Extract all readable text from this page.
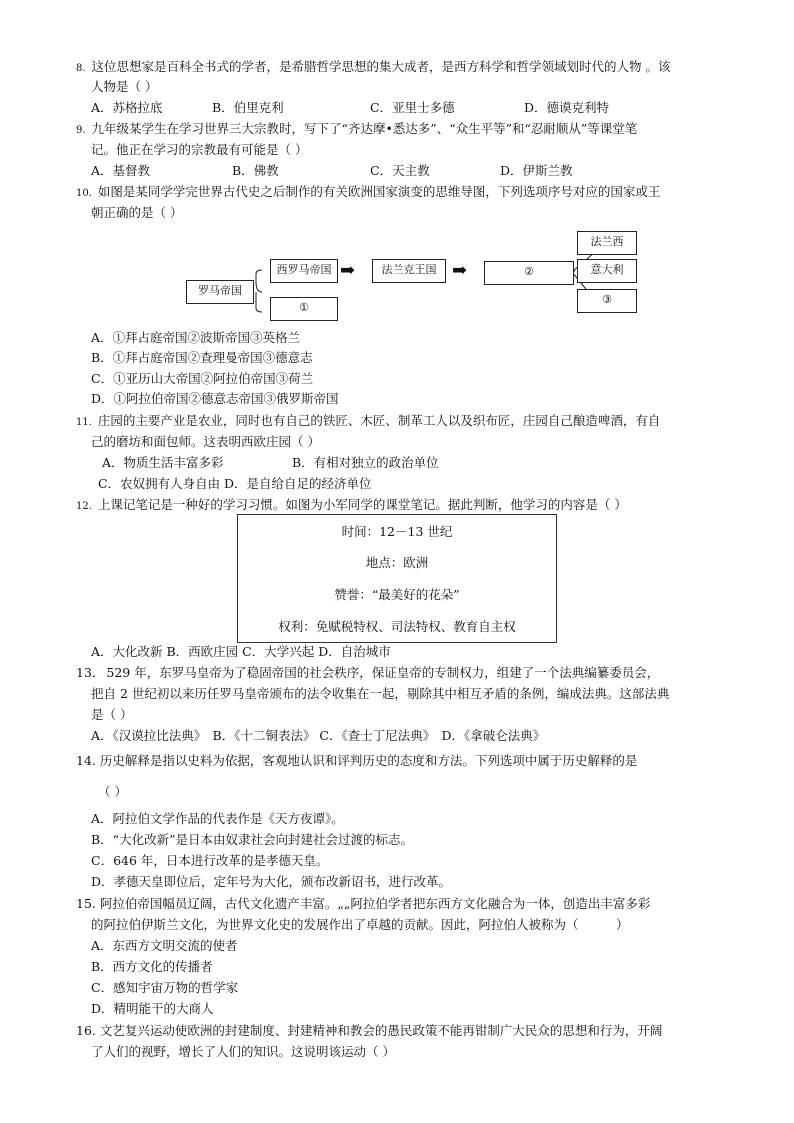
8. 这位思想家是百科全书式的学者，是希腊哲学思想的集大成者，是西方科学和哲学领域划时代的人物 。该
人物是（ ）
A．苏格拉底	B．伯里克利	C．亚里士多德	D．德谟克利特
9. 九年级某学生在学习世界三大宗教时，写下了“齐达摩•悉达多”、“众生平等”和“忍耐顺从”等课堂笔
记。他正在学习的宗教最有可能是（ ）
A．基督教	B．佛教	C．天主教	D．伊斯兰教
10. 如图是某同学学完世界古代史之后制作的有关欧洲国家演变的思维导图，下列选项序号对应的国家或王
朝正确的是（ ）
罗马帝国
西罗马帝国
①
➡	法兰克王国 ➡	②
法兰西
意大利
③
A．①拜占庭帝国②波斯帝国③英格兰
B．①拜占庭帝国②查理曼帝国③德意志
C．①亚历山大帝国②阿拉伯帝国③荷兰
D．①阿拉伯帝国②德意志帝国③俄罗斯帝国
11. 庄园的主要产业是农业，同时也有自己的铁匠、木匠、制革工人以及织布匠，庄园自己酿造啤酒，有自
己的磨坊和面包师。这表明西欧庄园（ ）
A．物质生活丰富多彩	B．有相对独立的政治单位
C．农奴拥有人身自由 D．是自给自足的经济单位
12. 上课记笔记是一种好的学习习惯。如图为小军同学的课堂笔记。据此判断，他学习的内容是（ ）
时间：12－13 世纪
地点：欧洲
赞誉：“最美好的花朵”
权利：免赋税特权、司法特权、教育自主权
A．大化改新 B．西欧庄园 C．大学兴起 D．自治城市
13． 529 年，东罗马皇帝为了稳固帝国的社会秩序，保证皇帝的专制权力，组建了一个法典编纂委员会，
把自 2 世纪初以来历任罗马皇帝颁布的法令收集在一起，剔除其中相互矛盾的条例，编成法典。这部法典
是（ ）
A．《汉谟拉比法典》　B．《十二铜表法》 C．《查士丁尼法典》　D．《拿破仑法典》
14. 历史解释是指以史料为依据，客观地认识和评判历史的态度和方法。下列选项中属于历史解释的是
（ ）
A．阿拉伯文学作品的代表作是《天方夜谭》。
B．“大化改新”是日本由奴隶社会向封建社会过渡的标志。
C．646 年，日本进行改革的是孝德天皇。
D．孝德天皇即位后，定年号为大化，颁布改新诏书，进行改革。
15. 阿拉伯帝国幅员辽阔，古代文化遗产丰富。„„阿拉伯学者把东西方文化融合为一体，创造出丰富多彩
的阿拉伯伊斯兰文化，为世界文化史的发展作出了卓越的贡献。因此，阿拉伯人被称为（　　　）
A．东西方文明交流的使者
B．西方文化的传播者
C．感知宇宙万物的哲学家
D．精明能干的大商人
16. 文艺复兴运动使欧洲的封建制度、封建精神和教会的愚民政策不能再钳制广大民众的思想和行为，开阔
了人们的视野，增长了人们的知识。这说明该运动（ ）
